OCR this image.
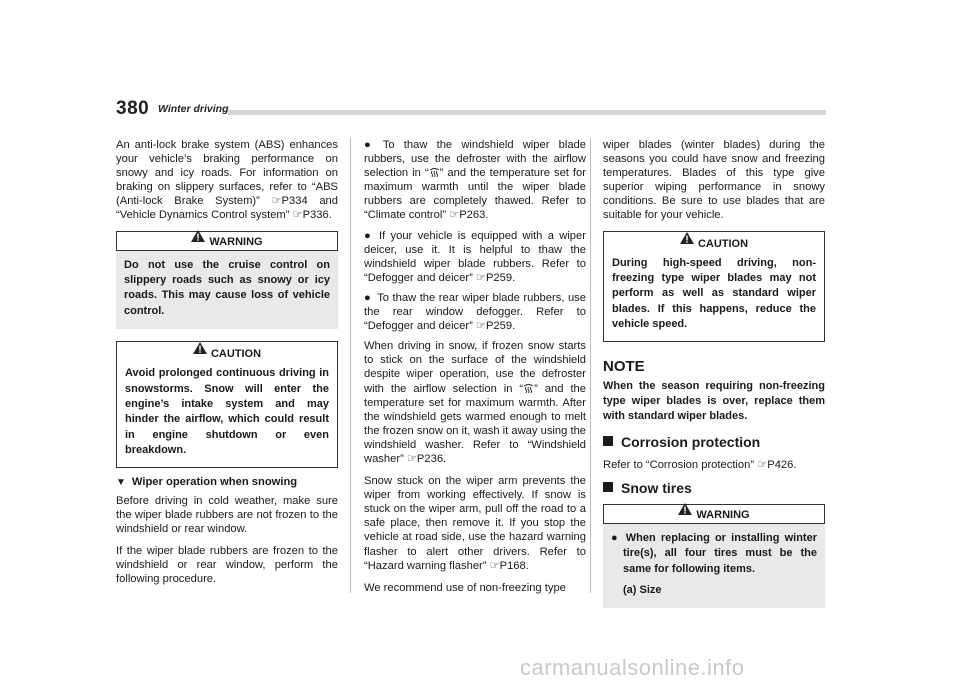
380 Winter driving

An anti-lock brake system (ABS) enhances your vehicle’s braking performance on snowy and icy roads. For information on braking on slippery surfaces, refer to “ABS (Anti-lock Brake System)” ☞P334 and “Vehicle Dynamics Control system” ☞P336.

WARNING
Do not use the cruise control on slippery roads such as snowy or icy roads. This may cause loss of vehicle control.
CAUTION
Avoid prolonged continuous driving in snowstorms. Snow will enter the engine’s intake system and may hinder the airflow, which could result in engine shutdown or even breakdown.
▼ Wiper operation when snowing

Before driving in cold weather, make sure the wiper blade rubbers are not frozen to the windshield or rear window.

If the wiper blade rubbers are frozen to the windshield or rear window, perform the following procedure.

● To thaw the windshield wiper blade rubbers, use the defroster with the airflow selection in “ ” and the temperature set for maximum warmth until the wiper blade rubbers are completely thawed. Refer to “Climate control” ☞P263.

● If your vehicle is equipped with a wiper deicer, use it. It is helpful to thaw the windshield wiper blade rubbers. Refer to “Defogger and deicer” ☞P259.

● To thaw the rear wiper blade rubbers, use the rear window defogger. Refer to “Defogger and deicer” ☞P259.

When driving in snow, if frozen snow starts to stick on the surface of the windshield despite wiper operation, use the defroster with the airflow selection in “ ” and the temperature set for maximum warmth. After the windshield gets warmed enough to melt the frozen snow on it, wash it away using the windshield washer. Refer to “Windshield washer” ☞P236.

Snow stuck on the wiper arm prevents the wiper from working effectively. If snow is stuck on the wiper arm, pull off the road to a safe place, then remove it. If you stop the vehicle at road side, use the hazard warning flasher to alert other drivers. Refer to “Hazard warning flasher” ☞P168.

We recommend use of non-freezing type

wiper blades (winter blades) during the seasons you could have snow and freezing temperatures. Blades of this type give superior wiping performance in snowy conditions. Be sure to use blades that are suitable for your vehicle.

CAUTION
During high-speed driving, non-freezing type wiper blades may not perform as well as standard wiper blades. If this happens, reduce the vehicle speed.
NOTE
When the season requiring non-freezing type wiper blades is over, replace them with standard wiper blades.
Corrosion protection

Refer to “Corrosion protection” ☞P426.

Snow tires
WARNING
● When replacing or installing winter tire(s), all four tires must be the same for following items.
(a) Size
carmanualsonline.info
